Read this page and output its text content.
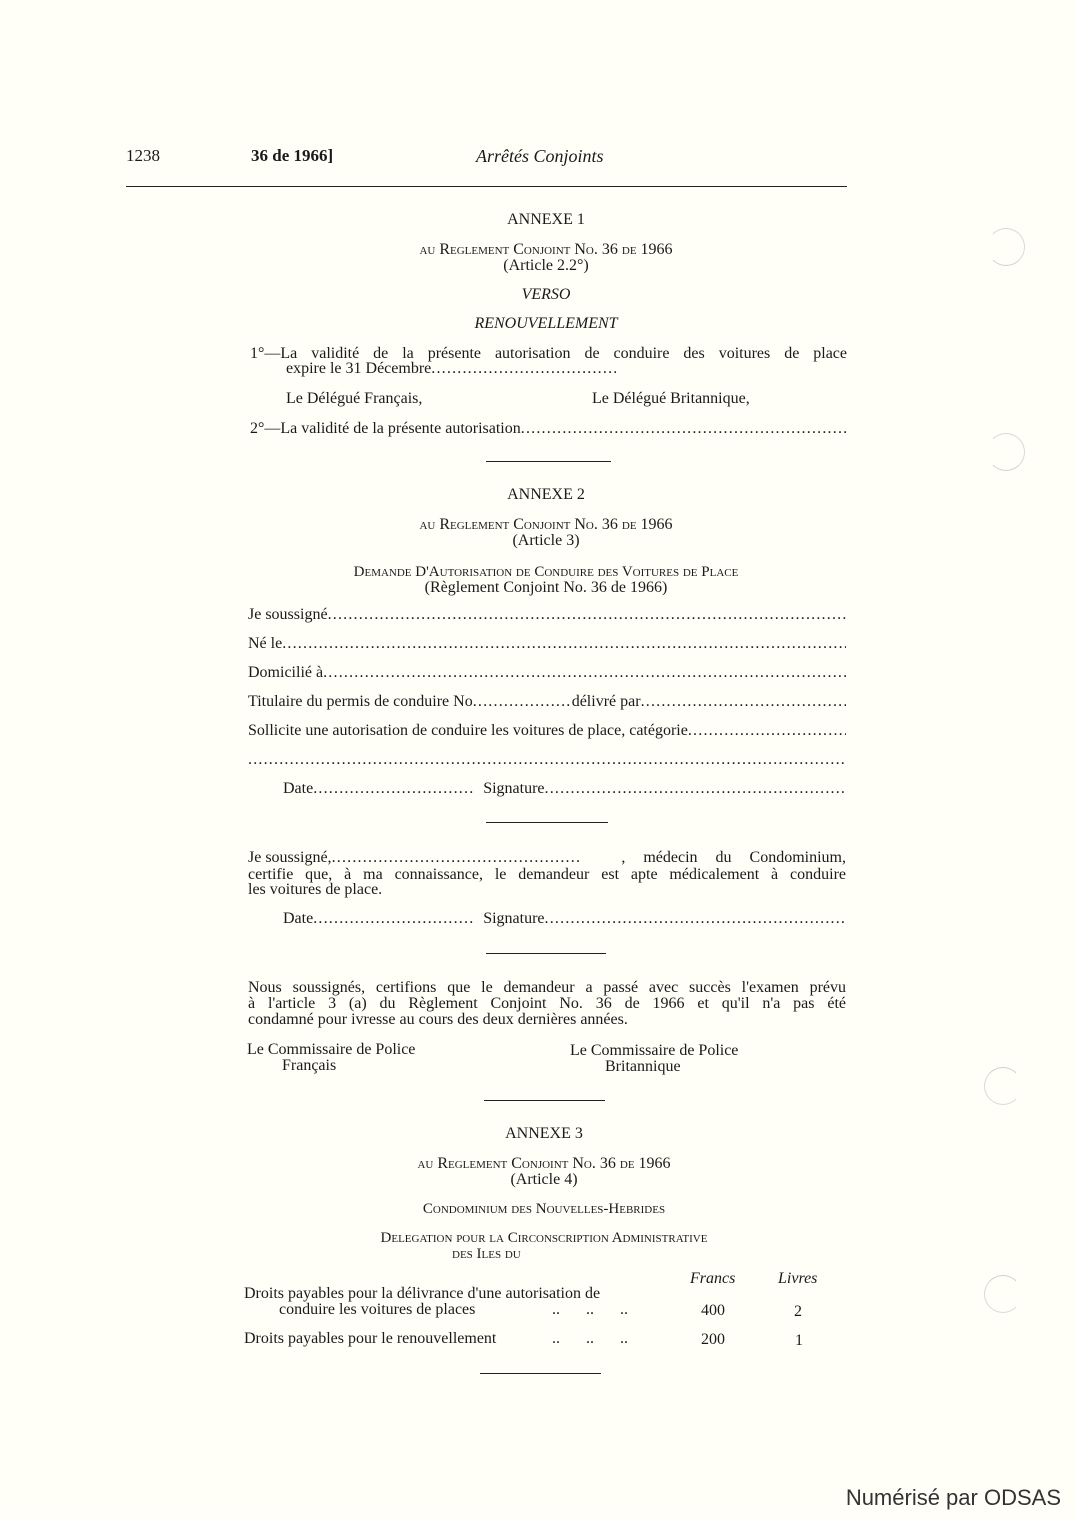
1238	36 de 1966]	Arrêtés Conjoints
ANNEXE 1
au Reglement Conjoint No. 36 de 1966
(Article 2.2°)
VERSO
RENOUVELLEMENT
1°—La validité de la présente autorisation de conduire des voitures de place
expire le 31 Décembre
.....
Le Délégué Français,	Le Délégué Britannique,
2°—La validité de la présente autorisation
.....
ANNEXE 2
au Reglement Conjoint No. 36 de 1966
(Article 3)
Demande D'Autorisation de Conduire des Voitures de Place
(Règlement Conjoint No. 36 de 1966)
Je soussigné
.....
Né le
.....
Domicilié à
.....
Titulaire du permis de conduire No .....	délivré par
.....
Sollicite une autorisation de conduire les voitures de place, catégorie
.....
.....
Date .....	Signature
.....
Je soussigné, .....	, médecin du Condominium,
certifie que, à ma connaissance, le demandeur est apte médicalement à conduire
les voitures de place.
Date .....	Signature
.....
Nous soussignés, certifions que le demandeur a passé avec succès l'examen prévu
à l'article 3 (a) du Règlement Conjoint No. 36 de 1966 et qu'il n'a pas été
condamné pour ivresse au cours des deux dernières années.
Le Commissaire de Police
Français
Le Commissaire de Police
Britannique
ANNEXE 3
au Reglement Conjoint No. 36 de 1966
(Article 4)
Condominium des Nouvelles-Hebrides
Delegation pour la Circonscription Administrative
des Iles du
Francs	Livres
Droits payables pour la délivrance d'une autorisation de
conduire les voitures de places	.. .. ..	400	2
Droits payables pour le renouvellement	.. .. ..	200	1
Numérisé par ODSAS
